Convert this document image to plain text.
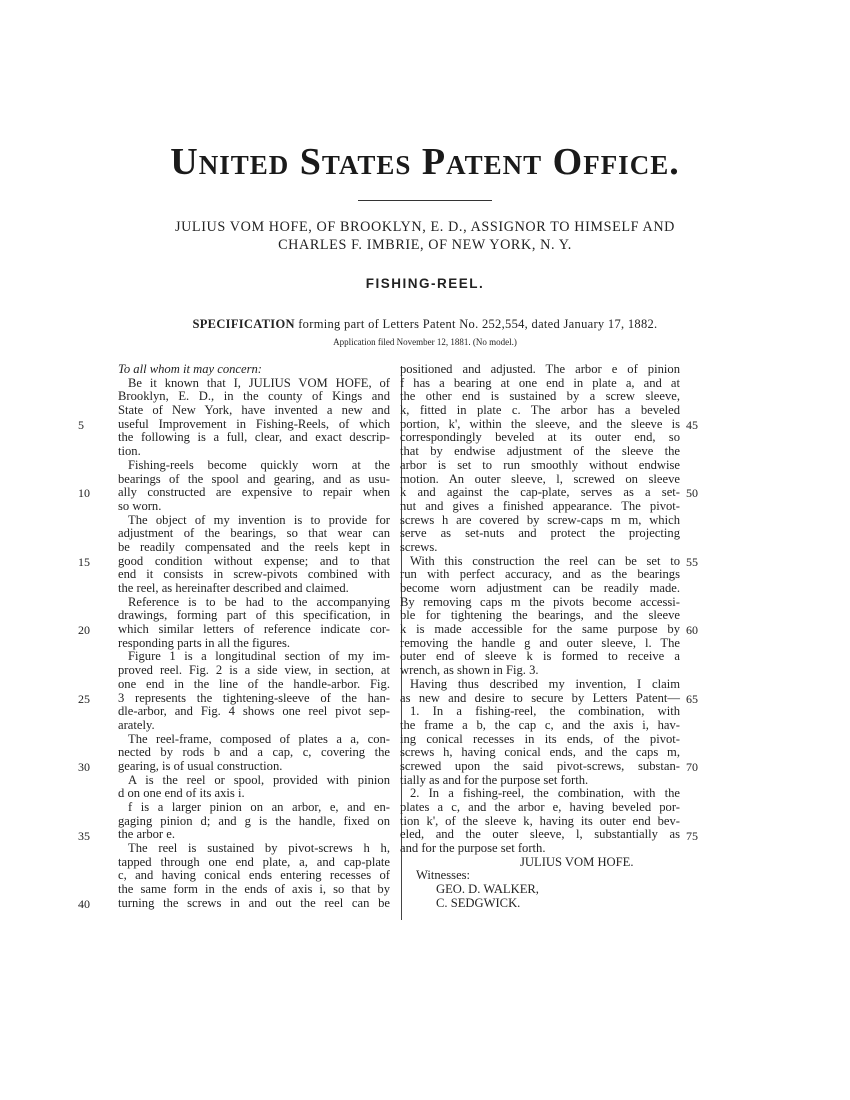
United States Patent Office.
JULIUS VOM HOFE, OF BROOKLYN, E. D., ASSIGNOR TO HIMSELF AND
CHARLES F. IMBRIE, OF NEW YORK, N. Y.
FISHING-REEL.
SPECIFICATION forming part of Letters Patent No. 252,554, dated January 17, 1882.
Application filed November 12, 1881. (No model.)
To all whom it may concern:
Be it known that I, JULIUS VOM HOFE, of
Brooklyn, E. D., in the county of Kings and
State of New York, have invented a new and
useful Improvement in Fishing-Reels, of which
the following is a full, clear, and exact descrip-
tion.
Fishing-reels become quickly worn at the
bearings of the spool and gearing, and as usu-
ally constructed are expensive to repair when
so worn.
The object of my invention is to provide for
adjustment of the bearings, so that wear can
be readily compensated and the reels kept in
good condition without expense; and to that
end it consists in screw-pivots combined with
the reel, as hereinafter described and claimed.
Reference is to be had to the accompanying
drawings, forming part of this specification, in
which similar letters of reference indicate cor-
responding parts in all the figures.
Figure 1 is a longitudinal section of my im-
proved reel. Fig. 2 is a side view, in section, at
one end in the line of the handle-arbor. Fig.
3 represents the tightening-sleeve of the han-
dle-arbor, and Fig. 4 shows one reel pivot sep-
arately.
The reel-frame, composed of plates a a, con-
nected by rods b and a cap, c, covering the
gearing, is of usual construction.
A is the reel or spool, provided with pinion
d on one end of its axis i.
f is a larger pinion on an arbor, e, and en-
gaging pinion d; and g is the handle, fixed on
the arbor e.
The reel is sustained by pivot-screws h h,
tapped through one end plate, a, and cap-plate
c, and having conical ends entering recesses of
the same form in the ends of axis i, so that by
turning the screws in and out the reel can be
positioned and adjusted. The arbor e of pinion
f has a bearing at one end in plate a, and at
the other end is sustained by a screw sleeve,
k, fitted in plate c. The arbor has a beveled
portion, k', within the sleeve, and the sleeve is
correspondingly beveled at its outer end, so
that by endwise adjustment of the sleeve the
arbor is set to run smoothly without endwise
motion. An outer sleeve, l, screwed on sleeve
k and against the cap-plate, serves as a set-
nut and gives a finished appearance. The pivot-
screws h are covered by screw-caps m m, which
serve as set-nuts and protect the projecting
screws.
With this construction the reel can be set to
run with perfect accuracy, and as the bearings
become worn adjustment can be readily made.
By removing caps m the pivots become accessi-
ble for tightening the bearings, and the sleeve
k is made accessible for the same purpose by
removing the handle g and outer sleeve, l. The
outer end of sleeve k is formed to receive a
wrench, as shown in Fig. 3.
Having thus described my invention, I claim
as new and desire to secure by Letters Patent—
1. In a fishing-reel, the combination, with
the frame a b, the cap c, and the axis i, hav-
ing conical recesses in its ends, of the pivot-
screws h, having conical ends, and the caps m,
screwed upon the said pivot-screws, substan-
tially as and for the purpose set forth.
2. In a fishing-reel, the combination, with the
plates a c, and the arbor e, having beveled por-
tion k', of the sleeve k, having its outer end bev-
eled, and the outer sleeve, l, substantially as
and for the purpose set forth.
JULIUS VOM HOFE.
Witnesses:
GEO. D. WALKER,
C. SEDGWICK.
5
10
15
20
25
30
35
40
45
50
55
60
65
70
75
